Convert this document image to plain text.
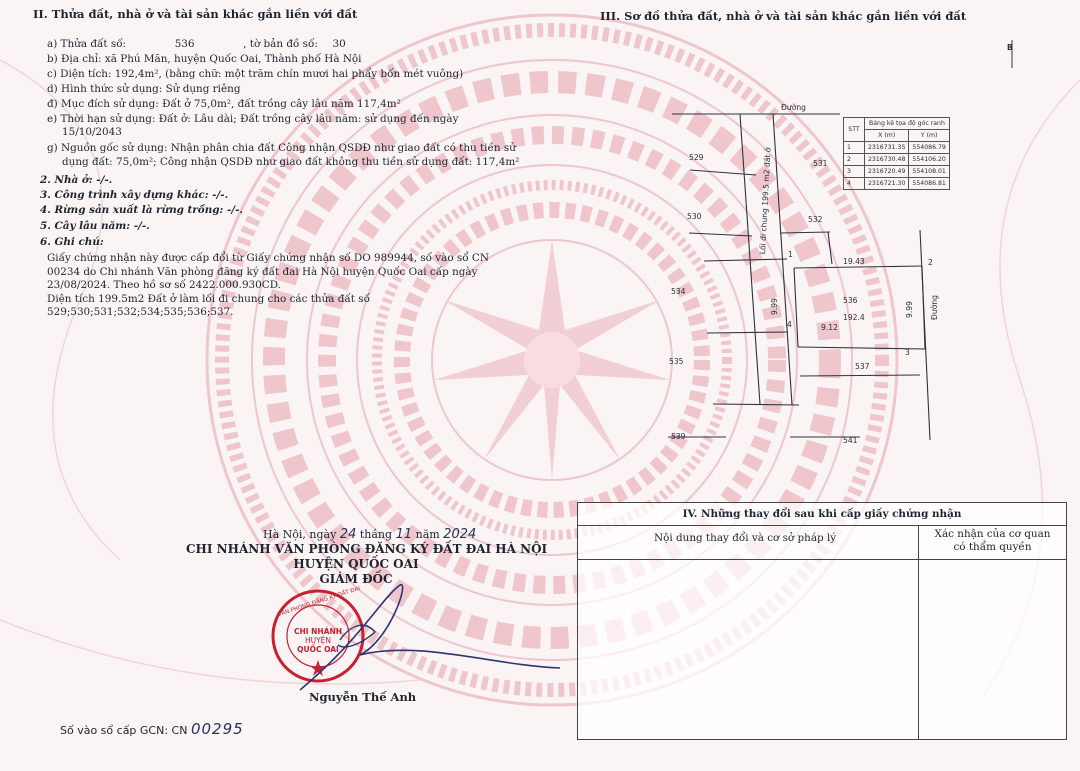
II. Thửa đất, nhà ở và tài sản khác gắn liền với đất
a) Thửa đất số:	536	, tờ bản đồ số: 30
b) Địa chỉ: xã Phú Mãn, huyện Quốc Oai, Thành phố Hà Nội
c) Diện tích: 192,4m², (bằng chữ: một trăm chín mươi hai phẩy bốn mét vuông)
d) Hình thức sử dụng: Sử dụng riêng
đ) Mục đích sử dụng: Đất ở 75,0m², đất trồng cây lâu năm 117,4m²
e) Thời hạn sử dụng: Đất ở: Lâu dài; Đất trồng cây lâu năm: sử dụng đến ngày
15/10/2043
g) Nguồn gốc sử dụng: Nhận phân chia đất Công nhận QSDĐ như giao đất có thu tiền sử
dụng đất: 75,0m²; Công nhận QSDĐ như giao đất không thu tiền sử dụng đất: 117,4m²
2. Nhà ở: -/-.
3. Công trình xây dựng khác: -/-.
4. Rừng sản xuất là rừng trồng: -/-.
5. Cây lâu năm: -/-.
6. Ghi chú:
Giấy chứng nhận này được cấp đổi từ Giấy chứng nhận số DO 989944, số vào sổ CN
00234 do Chi nhánh Văn phòng đăng ký đất đai Hà Nội huyện Quốc Oai cấp ngày
23/08/2024. Theo hồ sơ số 2422.000.930CD.
Diện tích 199.5m2 Đất ở làm lối đi chung cho các thửa đất số
529;530;531;532;534;535;536;537.
III. Sơ đồ thửa đất, nhà ở và tài sản khác gắn liền với đất
B
Đường
Đường
Lối đi chung 199.5 m2 đất ở
529
531
530	532
534
535
537
539	541
536
192.4
19.43
9.99	9.99
9.12
1
2
3
4
STT	Bảng kê tọa độ góc ranh	
	X (m)	Y (m)
1	2316731.35	554086.79
2	2316730.48	554106.20
3	2316720.49	554108.01
4	2316721.30	554086.81
Hà Nội, ngày 24 tháng 11 năm 2024
CHI NHÁNH VĂN PHÒNG ĐĂNG KÝ ĐẤT ĐAI HÀ NỘI
HUYỆN QUỐC OAI
GIÁM ĐỐC
CHI NHÁNH
HUYỆN
QUỐC OAI
VĂN PHÒNG ĐĂNG KÝ ĐẤT ĐAI
Nguyễn Thế Anh
IV. Những thay đổi sau khi cấp giấy chứng nhận
Nội dung thay đổi và cơ sở pháp lý	Xác nhận của cơ quan
có thẩm quyền
Số vào sổ cấp GCN: CN 00295
